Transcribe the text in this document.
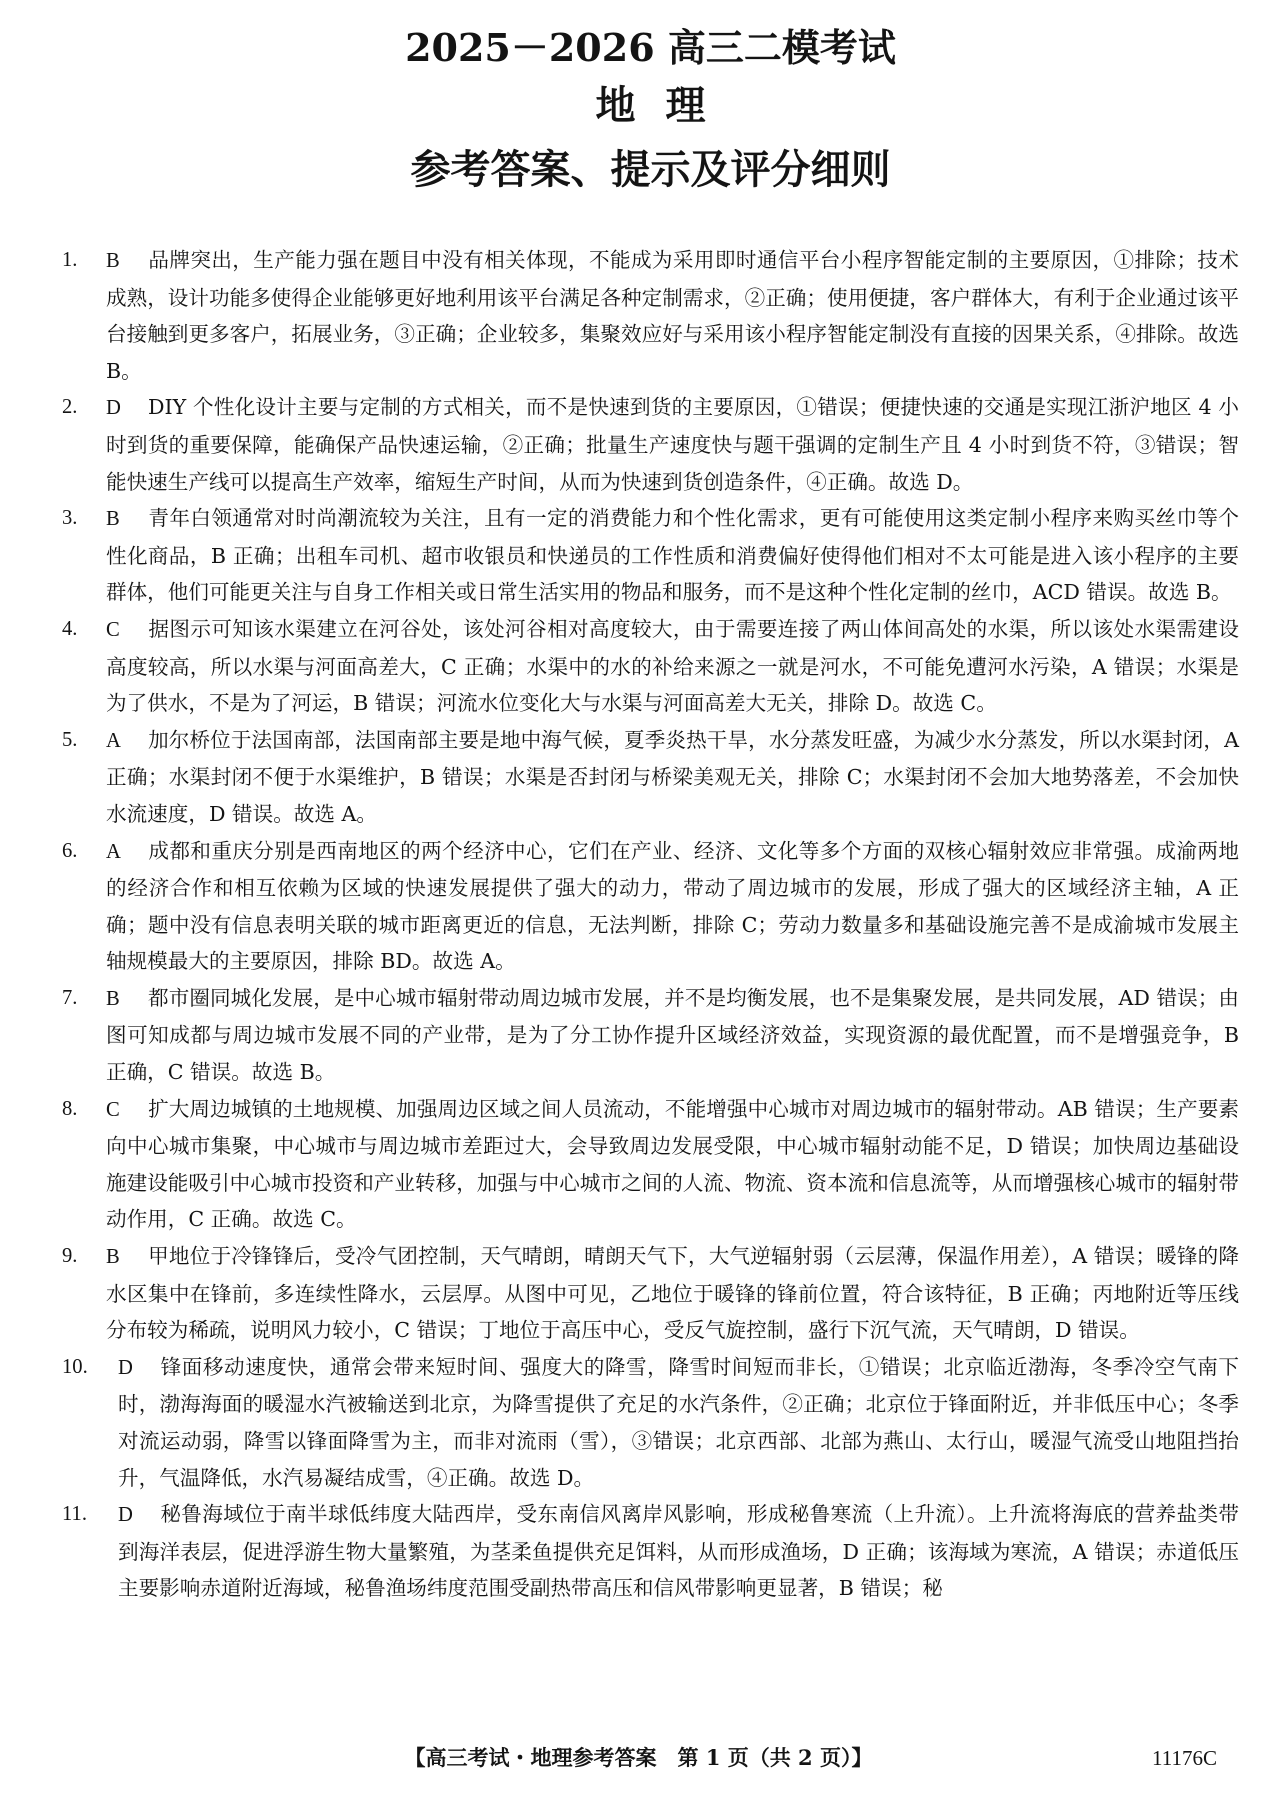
2025－2026 高三二模考试
地理
参考答案、提示及评分细则
1. B 品牌突出，生产能力强在题目中没有相关体现，不能成为采用即时通信平台小程序智能定制的主要原因，①排除；技术成熟，设计功能多使得企业能够更好地利用该平台满足各种定制需求，②正确；使用便捷，客户群体大，有利于企业通过该平台接触到更多客户，拓展业务，③正确；企业较多，集聚效应好与采用该小程序智能定制没有直接的因果关系，④排除。故选 B。
2. D DIY 个性化设计主要与定制的方式相关，而不是快速到货的主要原因，①错误；便捷快速的交通是实现江浙沪地区 4 小时到货的重要保障，能确保产品快速运输，②正确；批量生产速度快与题干强调的定制生产且 4 小时到货不符，③错误；智能快速生产线可以提高生产效率，缩短生产时间，从而为快速到货创造条件，④正确。故选 D。
3. B 青年白领通常对时尚潮流较为关注，且有一定的消费能力和个性化需求，更有可能使用这类定制小程序来购买丝巾等个性化商品，B 正确；出租车司机、超市收银员和快递员的工作性质和消费偏好使得他们相对不太可能是进入该小程序的主要群体，他们可能更关注与自身工作相关或日常生活实用的物品和服务，而不是这种个性化定制的丝巾，ACD 错误。故选 B。
4. C 据图示可知该水渠建立在河谷处，该处河谷相对高度较大，由于需要连接了两山体间高处的水渠，所以该处水渠需建设高度较高，所以水渠与河面高差大，C 正确；水渠中的水的补给来源之一就是河水，不可能免遭河水污染，A 错误；水渠是为了供水，不是为了河运，B 错误；河流水位变化大与水渠与河面高差大无关，排除 D。故选 C。
5. A 加尔桥位于法国南部，法国南部主要是地中海气候，夏季炎热干旱，水分蒸发旺盛，为减少水分蒸发，所以水渠封闭，A 正确；水渠封闭不便于水渠维护，B 错误；水渠是否封闭与桥梁美观无关，排除 C；水渠封闭不会加大地势落差，不会加快水流速度，D 错误。故选 A。
6. A 成都和重庆分别是西南地区的两个经济中心，它们在产业、经济、文化等多个方面的双核心辐射效应非常强。成渝两地的经济合作和相互依赖为区域的快速发展提供了强大的动力，带动了周边城市的发展，形成了强大的区域经济主轴，A 正确；题中没有信息表明关联的城市距离更近的信息，无法判断，排除 C；劳动力数量多和基础设施完善不是成渝城市发展主轴规模最大的主要原因，排除 BD。故选 A。
7. B 都市圈同城化发展，是中心城市辐射带动周边城市发展，并不是均衡发展，也不是集聚发展，是共同发展，AD 错误；由图可知成都与周边城市发展不同的产业带，是为了分工协作提升区域经济效益，实现资源的最优配置，而不是增强竞争，B 正确，C 错误。故选 B。
8. C 扩大周边城镇的土地规模、加强周边区域之间人员流动，不能增强中心城市对周边城市的辐射带动。AB 错误；生产要素向中心城市集聚，中心城市与周边城市差距过大，会导致周边发展受限，中心城市辐射动能不足，D 错误；加快周边基础设施建设能吸引中心城市投资和产业转移，加强与中心城市之间的人流、物流、资本流和信息流等，从而增强核心城市的辐射带动作用，C 正确。故选 C。
9. B 甲地位于冷锋锋后，受冷气团控制，天气晴朗，晴朗天气下，大气逆辐射弱（云层薄，保温作用差），A 错误；暖锋的降水区集中在锋前，多连续性降水，云层厚。从图中可见，乙地位于暖锋的锋前位置，符合该特征，B 正确；丙地附近等压线分布较为稀疏，说明风力较小，C 错误；丁地位于高压中心，受反气旋控制，盛行下沉气流，天气晴朗，D 错误。
10. D 锋面移动速度快，通常会带来短时间、强度大的降雪，降雪时间短而非长，①错误；北京临近渤海，冬季冷空气南下时，渤海海面的暖湿水汽被输送到北京，为降雪提供了充足的水汽条件，②正确；北京位于锋面附近，并非低压中心；冬季对流运动弱，降雪以锋面降雪为主，而非对流雨（雪），③错误；北京西部、北部为燕山、太行山，暖湿气流受山地阻挡抬升，气温降低，水汽易凝结成雪，④正确。故选 D。
11. D 秘鲁海域位于南半球低纬度大陆西岸，受东南信风离岸风影响，形成秘鲁寒流（上升流）。上升流将海底的营养盐类带到海洋表层，促进浮游生物大量繁殖，为茎柔鱼提供充足饵料，从而形成渔场，D 正确；该海域为寒流，A 错误；赤道低压主要影响赤道附近海域，秘鲁渔场纬度范围受副热带高压和信风带影响更显著，B 错误；秘
【高三考试・地理参考答案　第 1 页（共 2 页）】	11176C
